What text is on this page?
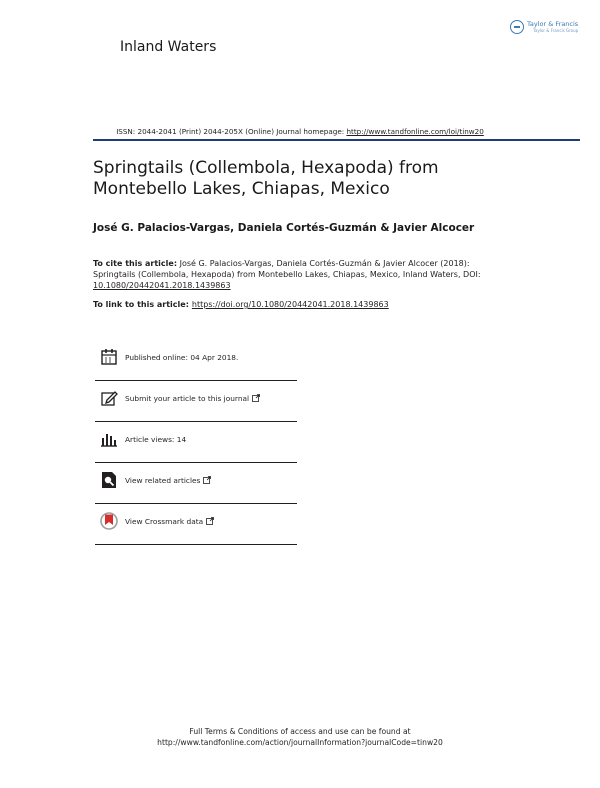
Inland Waters
Taylor & Francis
Taylor & Francis Group
ISSN: 2044-2041 (Print) 2044-205X (Online) Journal homepage: http://www.tandfonline.com/loi/tinw20
Springtails (Collembola, Hexapoda) from Montebello Lakes, Chiapas, Mexico
José G. Palacios-Vargas, Daniela Cortés-Guzmán & Javier Alcocer
To cite this article: José G. Palacios-Vargas, Daniela Cortés-Guzmán & Javier Alcocer (2018): Springtails (Collembola, Hexapoda) from Montebello Lakes, Chiapas, Mexico, Inland Waters, DOI: 10.1080/20442041.2018.1439863
To link to this article: https://doi.org/10.1080/20442041.2018.1439863
Published online: 04 Apr 2018.
Submit your article to this journal
Article views: 14
View related articles
View Crossmark data
Full Terms & Conditions of access and use can be found at
http://www.tandfonline.com/action/journalInformation?journalCode=tinw20
